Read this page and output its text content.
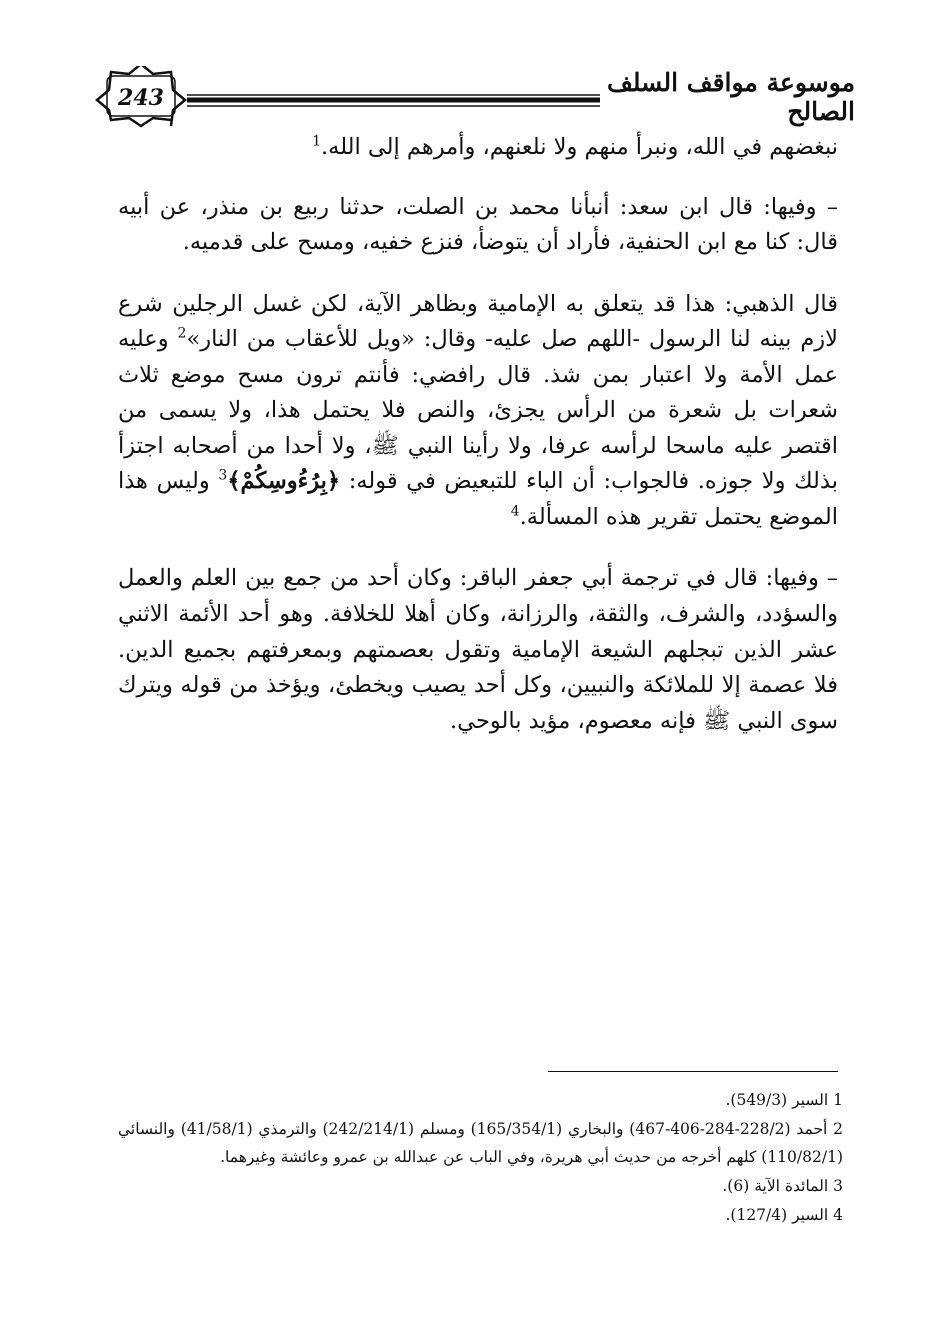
243
موسوعة مواقف السلف الصالح

نبغضهم في الله، ونبرأ منهم ولا نلعنهم، وأمرهم إلى الله.$^1$

– وفيها: قال ابن سعد: أنبأنا محمد بن الصلت، حدثنا ربيع بن منذر، عن أبيه قال: كنا مع ابن الحنفية، فأراد أن يتوضأ، فنزع خفيه، ومسح على قدميه.

قال الذهبي: هذا قد يتعلق به الإمامية وبظاهر الآية، لكن غسل الرجلين شرع لازم بينه لنا الرسول -اللهم صل عليه- وقال: «ويل للأعقاب من النار»$^2$ وعليه عمل الأمة ولا اعتبار بمن شذ. قال رافضي: فأنتم ترون مسح موضع ثلاث شعرات بل شعرة من الرأس يجزئ، والنص فلا يحتمل هذا، ولا يسمى من اقتصر عليه ماسحا لرأسه عرفا، ولا رأينا النبي ﷺ، ولا أحدا من أصحابه اجتزأ بذلك ولا جوزه. فالجواب: أن الباء للتبعيض في قوله: ﴿بِرُءُوسِكُمْ﴾$^3$ وليس هذا الموضع يحتمل تقرير هذه المسألة.$^4$

– وفيها: قال في ترجمة أبي جعفر الباقر: وكان أحد من جمع بين العلم والعمل والسؤدد، والشرف، والثقة، والرزانة، وكان أهلا للخلافة. وهو أحد الأئمة الاثني عشر الذين تبجلهم الشيعة الإمامية وتقول بعصمتهم وبمعرفتهم بجميع الدين. فلا عصمة إلا للملائكة والنبيين، وكل أحد يصيب ويخطئ، ويؤخذ من قوله ويترك سوى النبي ﷺ فإنه معصوم، مؤيد بالوحي.

1 السير (549/3).

2 أحمد (228/2-284-406-467) والبخاري (165/354/1) ومسلم (242/214/1) والترمذي (41/58/1) والنسائي (110/82/1) كلهم أخرجه من حديث أبي هريرة، وفي الباب عن عبدالله بن عمرو وعائشة وغيرهما.

3 المائدة الآية (6).

4 السير (127/4).
